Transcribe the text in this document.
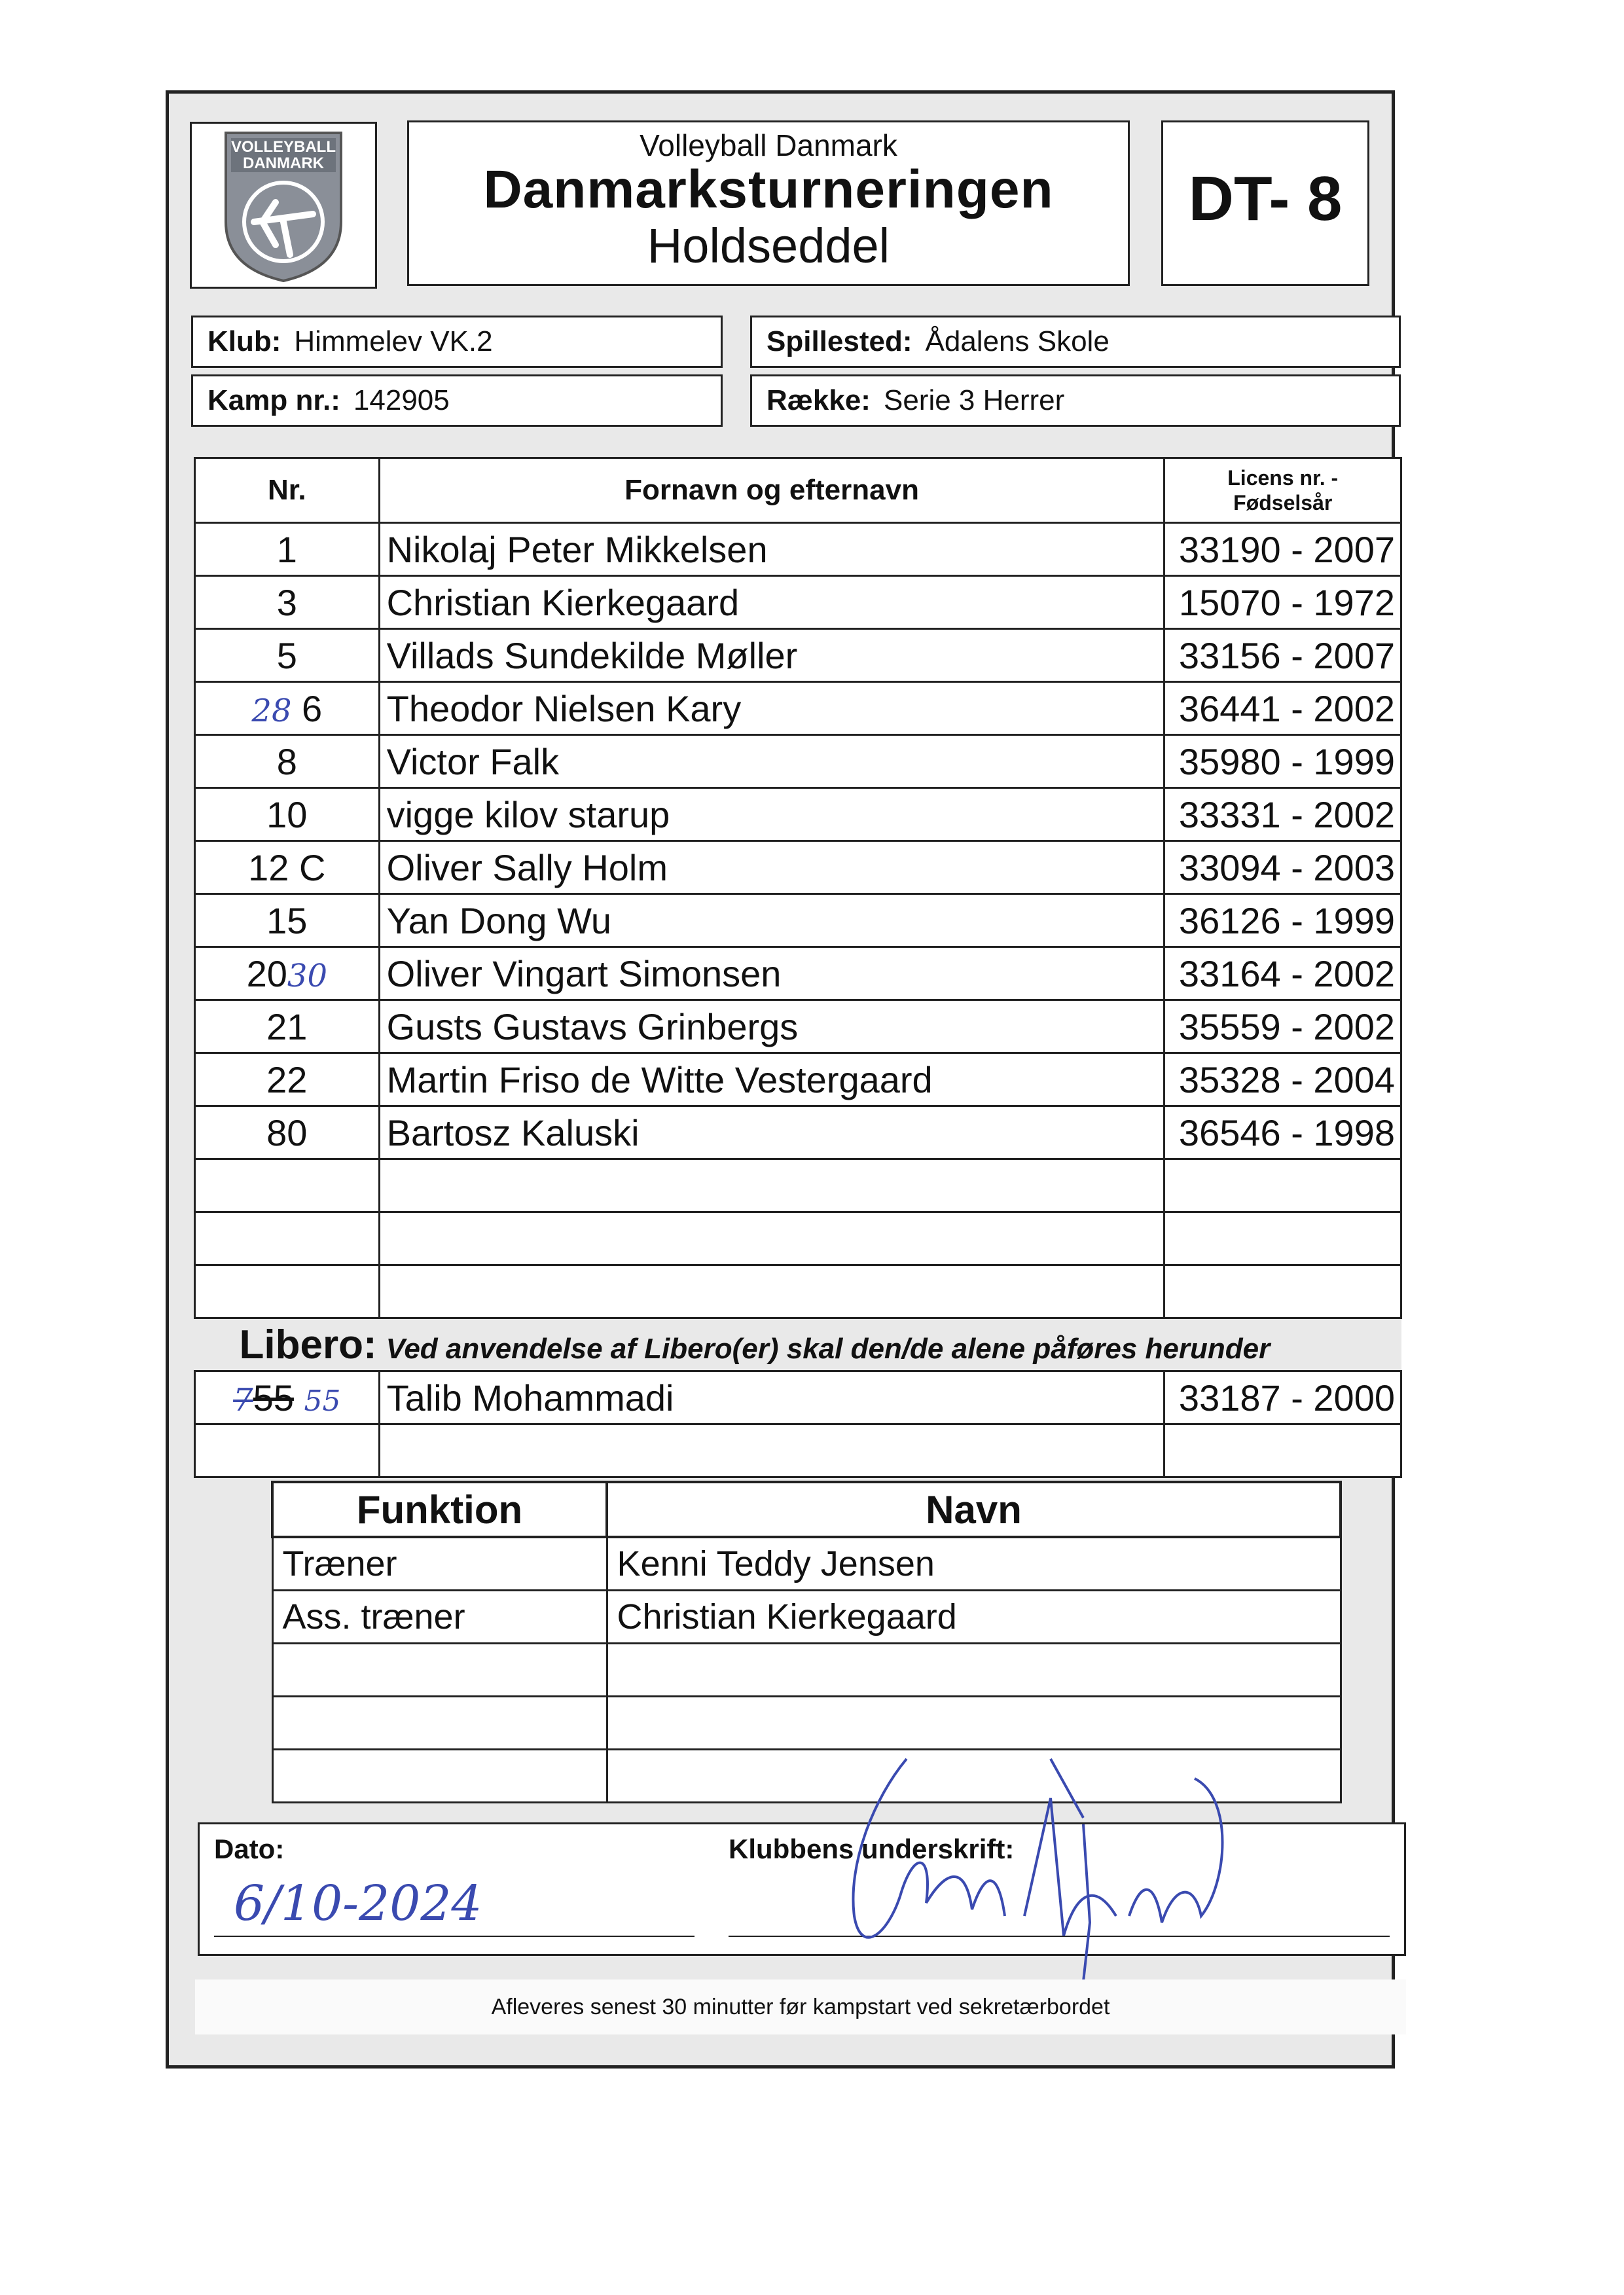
VOLLEYBALL
DANMARK
Volleyball Danmark
Danmarksturneringen
Holdseddel
DT- 8
Klub: Himmelev VK.2	Spillested: Ådalens Skole
Kamp nr.: 142905	Række: Serie 3 Herrer
Nr.	Fornavn og efternavn	Licens nr. -
Fødselsår
1	Nikolaj Peter Mikkelsen	33190 - 2007
3	Christian Kierkegaard	15070 - 1972
5	Villads Sundekilde Møller	33156 - 2007
28 6	Theodor Nielsen Kary	36441 - 2002
8	Victor Falk	35980 - 1999
10	vigge kilov starup	33331 - 2002
12 C	Oliver Sally Holm	33094 - 2003
15	Yan Dong Wu	36126 - 1999
2030	Oliver Vingart Simonsen	33164 - 2002
21	Gusts Gustavs Grinbergs	35559 - 2002
22	Martin Friso de Witte Vestergaard	35328 - 2004
80	Bartosz Kaluski	36546 - 1998

Libero: Ved anvendelse af Libero(er) skal den/de alene påføres herunder		
755 55	Talib Mohammadi	33187 - 2000

Funktion	Navn
Træner	Kenni Teddy Jensen
Ass. træner	Christian Kierkegaard

Dato:
6/10-2024
Klubbens underskrift:
Afleveres senest 30 minutter før kampstart ved sekretærbordet
